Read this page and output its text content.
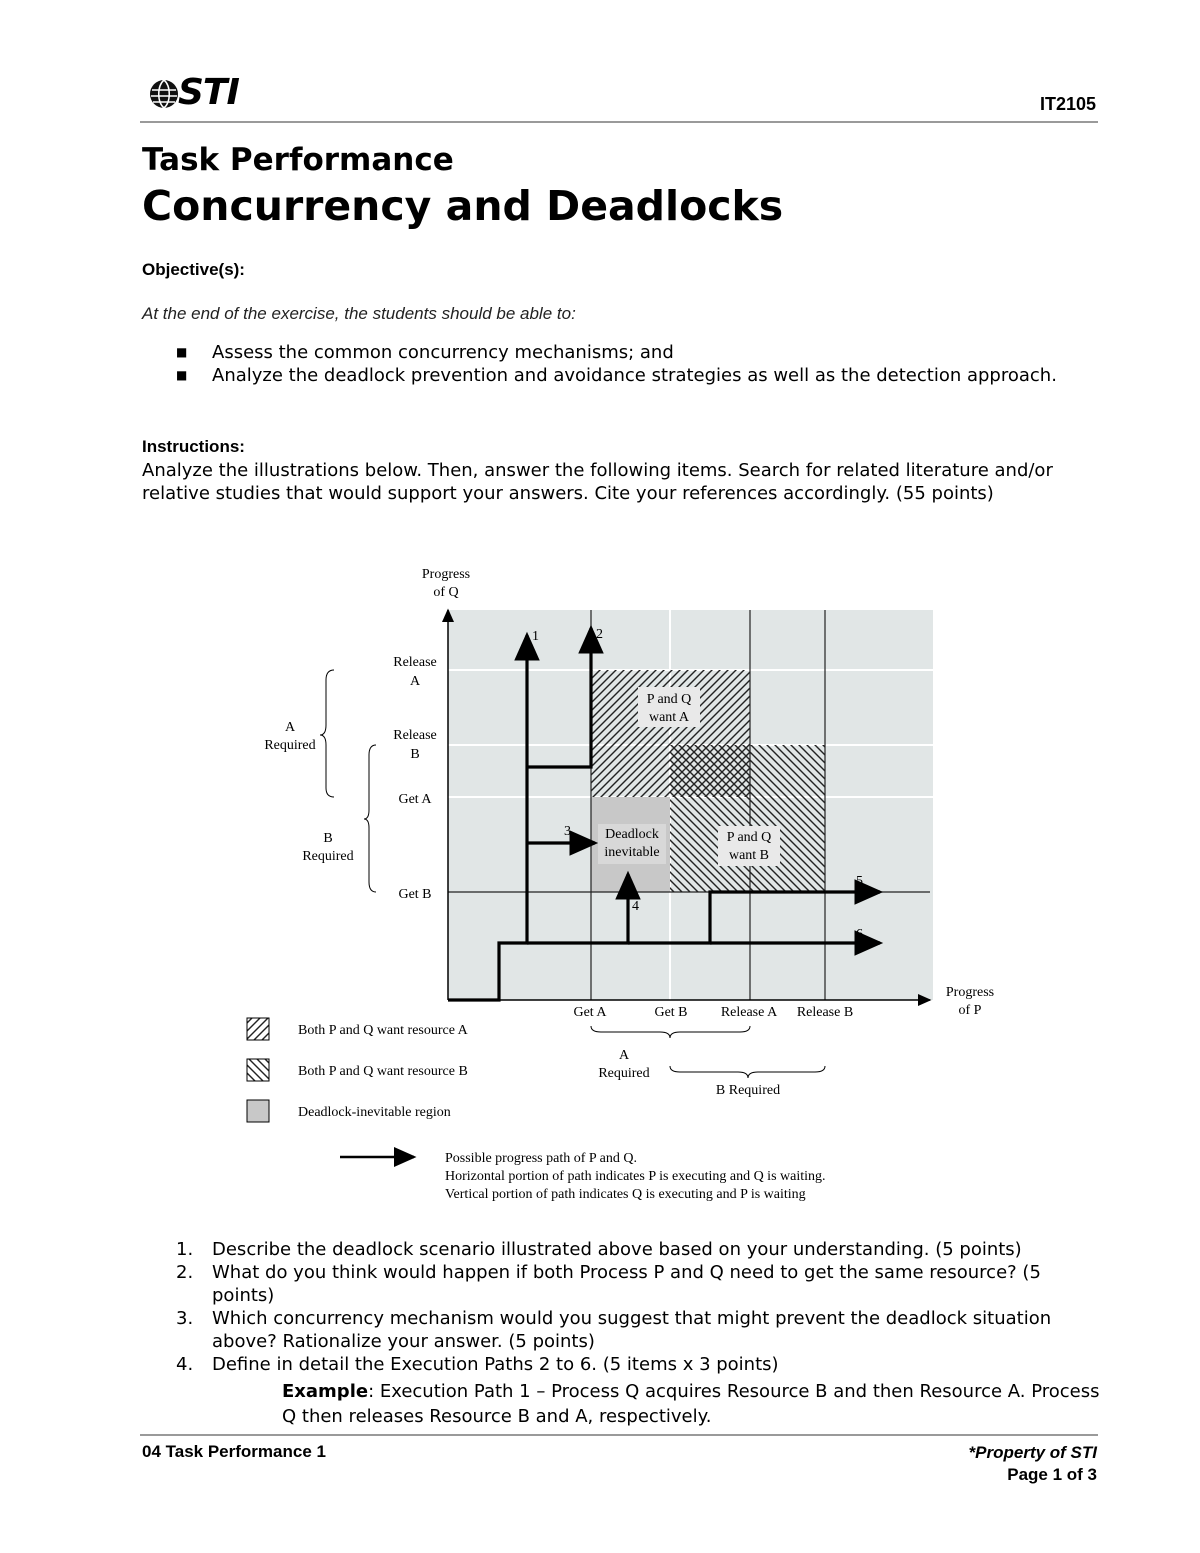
STI	IT2105
Task Performance
Concurrency and Deadlocks
Objective(s):
At the end of the exercise, the students should be able to:
■ Assess the common concurrency mechanisms; and
■ Analyze the deadlock prevention and avoidance strategies as well as the detection approach.
Instructions:
Analyze the illustrations below. Then, answer the following items. Search for related literature and/or relative studies that would support your answers. Cite your references accordingly. (55 points)
1	2
3
4
5
6
P and Q
want A
Deadlock
inevitable
P and Q
want B
Progress
of Q
Progress
of P
Release
A
Release
B
Get A
Get B
Get A	Get B Release A Release B
A
Required
B
Required
A
Required
B Required
Both P and Q want resource A
Both P and Q want resource B
Deadlock-inevitable region
Possible progress path of P and Q.
Horizontal portion of path indicates P is executing and Q is waiting.
Vertical portion of path indicates Q is executing and P is waiting
1. Describe the deadlock scenario illustrated above based on your understanding. (5 points)
2. What do you think would happen if both Process P and Q need to get the same resource? (5 points)
3. Which concurrency mechanism would you suggest that might prevent the deadlock situation above? Rationalize your answer. (5 points)
4. Define in detail the Execution Paths 2 to 6. (5 items x 3 points)
Example: Execution Path 1 – Process Q acquires Resource B and then Resource A. Process Q then releases Resource B and A, respectively.
04 Task Performance 1	*Property of STI
Page 1 of 3
